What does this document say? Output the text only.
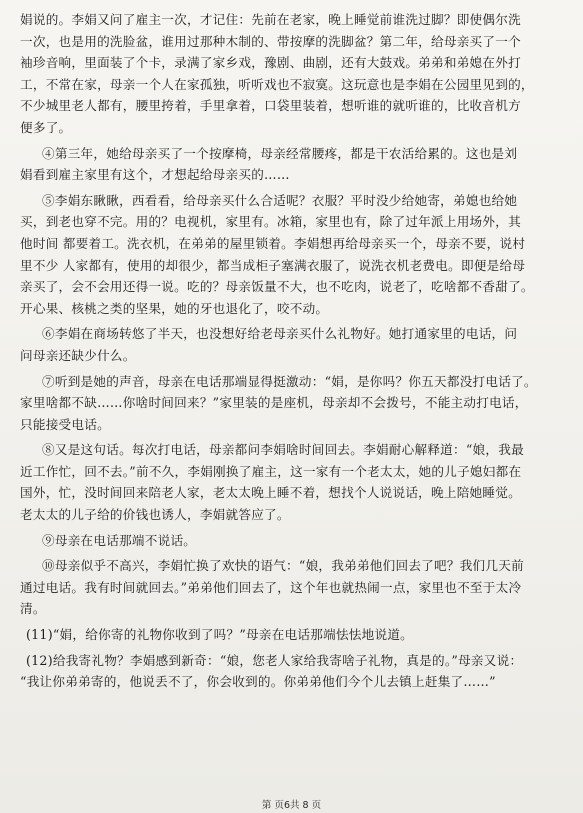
娟说的。李娟又问了雇主一次，才记住：先前在老家，晚上睡觉前谁洗过脚？即使偶尔洗
一次，也是用的洗脸盆，谁用过那种木制的、带按摩的洗脚盆？第二年，给母亲买了一个
袖珍音响，里面装了个卡，录满了家乡戏，豫剧、曲剧，还有大鼓戏。弟弟和弟媳在外打
工，不常在家，母亲一个人在家孤独，听听戏也不寂寞。这玩意也是李娟在公园里见到的，
不少城里老人都有，腰里挎着，手里拿着，口袋里装着，想听谁的就听谁的，比收音机方
便多了。
④第三年，她给母亲买了一个按摩椅，母亲经常腰疼，都是干农活给累的。这也是刘
娟看到雇主家里有这个，才想起给母亲买的……
⑤李娟东瞅瞅，西看看，给母亲买什么合适呢？衣服？平时没少给她寄，弟媳也给她
买，到老也穿不完。用的？电视机，家里有。冰箱，家里也有，除了过年派上用场外，其
他时间 都要着工。洗衣机，在弟弟的屋里锁着。李娟想再给母亲买一个，母亲不要，说村
里不少 人家都有，使用的却很少，都当成柜子塞满衣服了，说洗衣机老费电。即便是给母
亲买了，会不会用还得一说。吃的？母亲饭量不大，也不吃肉，说老了，吃啥都不香甜了。
开心果、核桃之类的坚果，她的牙也退化了，咬不动。
⑥李娟在商场转悠了半天，也没想好给老母亲买什么礼物好。她打通家里的电话，问
问母亲还缺少什么。
⑦听到是她的声音，母亲在电话那端显得挺激动：“娟，是你吗？你五天都没打电话了。
家里啥都不缺……你啥时间回来？”家里装的是座机，母亲却不会拨号，不能主动打电话，
只能接受电话。
⑧又是这句话。每次打电话，母亲都问李娟啥时间回去。李娟耐心解释道：“娘，我最
近工作忙，回不去。”前不久，李娟刚换了雇主，这一家有一个老太太，她的儿子媳妇都在
国外，忙，没时间回来陪老人家，老太太晚上睡不着，想找个人说说话，晚上陪她睡觉。
老太太的儿子给的价钱也诱人，李娟就答应了。
⑨母亲在电话那端不说话。
⑩母亲似乎不高兴，李娟忙换了欢快的语气：“娘，我弟弟他们回去了吧？我们几天前
通过电话。我有时间就回去。”弟弟他们回去了，这个年也就热闹一点，家里也不至于太冷
清。
(11)“娟，给你寄的礼物你收到了吗？”母亲在电话那端怯怯地说道。
(12)给我寄礼物？李娟感到新奇：“娘，您老人家给我寄啥子礼物，真是的。”母亲又说：
“我让你弟弟寄的，他说丢不了，你会收到的。你弟弟他们今个儿去镇上赶集了……”
第 页6共 8 页
